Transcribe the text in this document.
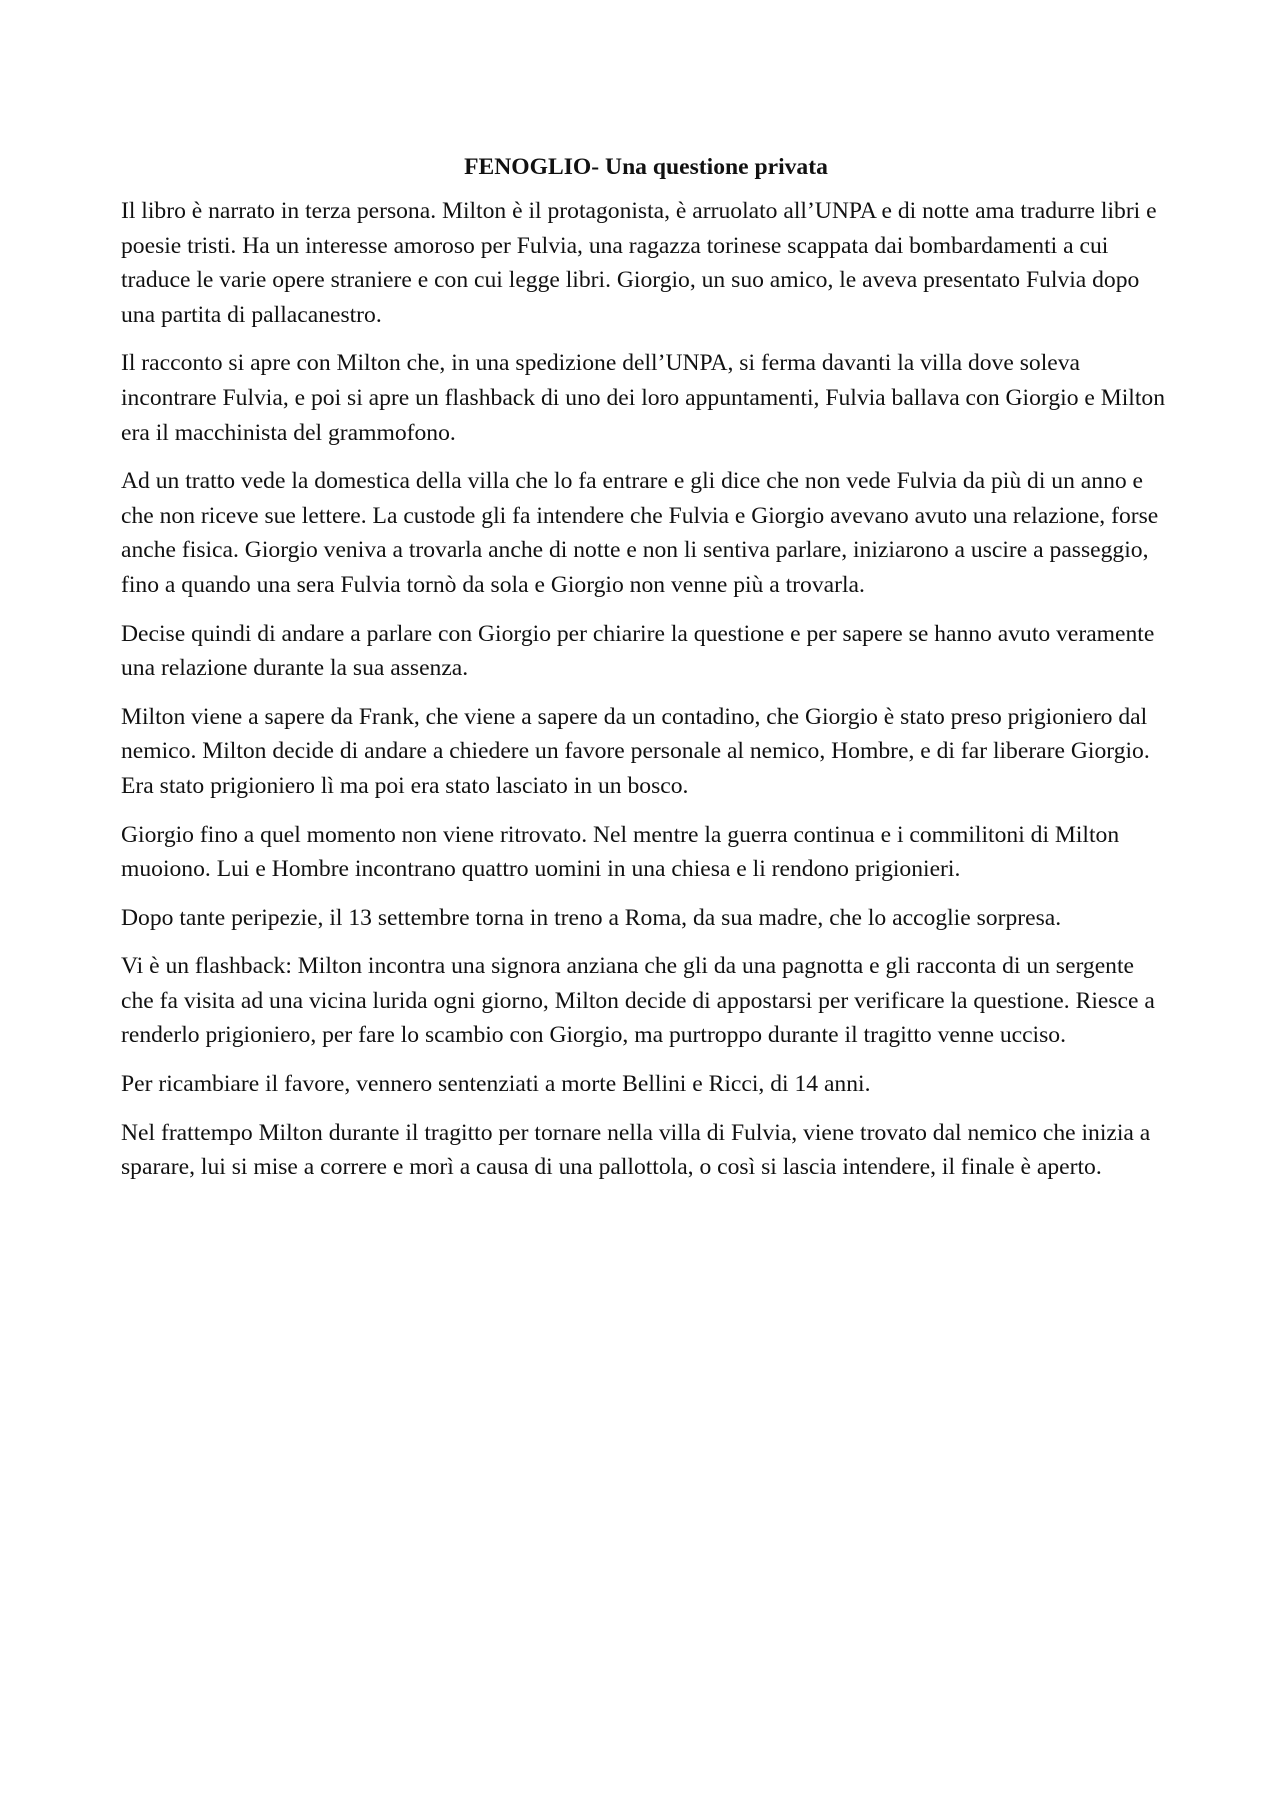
FENOGLIO- Una questione privata

Il libro è narrato in terza persona. Milton è il protagonista, è arruolato all’UNPA e di notte ama tradurre libri e poesie tristi. Ha un interesse amoroso per Fulvia, una ragazza torinese scappata dai bombardamenti a cui traduce le varie opere straniere e con cui legge libri. Giorgio, un suo amico, le aveva presentato Fulvia dopo una partita di pallacanestro.

Il racconto si apre con Milton che, in una spedizione dell’UNPA, si ferma davanti la villa dove soleva incontrare Fulvia, e poi si apre un flashback di uno dei loro appuntamenti, Fulvia ballava con Giorgio e Milton era il macchinista del grammofono.

Ad un tratto vede la domestica della villa che lo fa entrare e gli dice che non vede Fulvia da più di un anno e che non riceve sue lettere. La custode gli fa intendere che Fulvia e Giorgio avevano avuto una relazione, forse anche fisica. Giorgio veniva a trovarla anche di notte e non li sentiva parlare, iniziarono a uscire a passeggio, fino a quando una sera Fulvia tornò da sola e Giorgio non venne più a trovarla.

Decise quindi di andare a parlare con Giorgio per chiarire la questione e per sapere se hanno avuto veramente una relazione durante la sua assenza.

Milton viene a sapere da Frank, che viene a sapere da un contadino, che Giorgio è stato preso prigioniero dal nemico. Milton decide di andare a chiedere un favore personale al nemico, Hombre, e di far liberare Giorgio. Era stato prigioniero lì ma poi era stato lasciato in un bosco.

Giorgio fino a quel momento non viene ritrovato. Nel mentre la guerra continua e i commilitoni di Milton muoiono. Lui e Hombre incontrano quattro uomini in una chiesa e li rendono prigionieri.

Dopo tante peripezie, il 13 settembre torna in treno a Roma, da sua madre, che lo accoglie sorpresa.

Vi è un flashback: Milton incontra una signora anziana che gli da una pagnotta e gli racconta di un sergente che fa visita ad una vicina lurida ogni giorno, Milton decide di appostarsi per verificare la questione. Riesce a renderlo prigioniero, per fare lo scambio con Giorgio, ma purtroppo durante il tragitto venne ucciso.

Per ricambiare il favore, vennero sentenziati a morte Bellini e Ricci, di 14 anni.

Nel frattempo Milton durante il tragitto per tornare nella villa di Fulvia, viene trovato dal nemico che inizia a sparare, lui si mise a correre e morì a causa di una pallottola, o così si lascia intendere, il finale è aperto.
